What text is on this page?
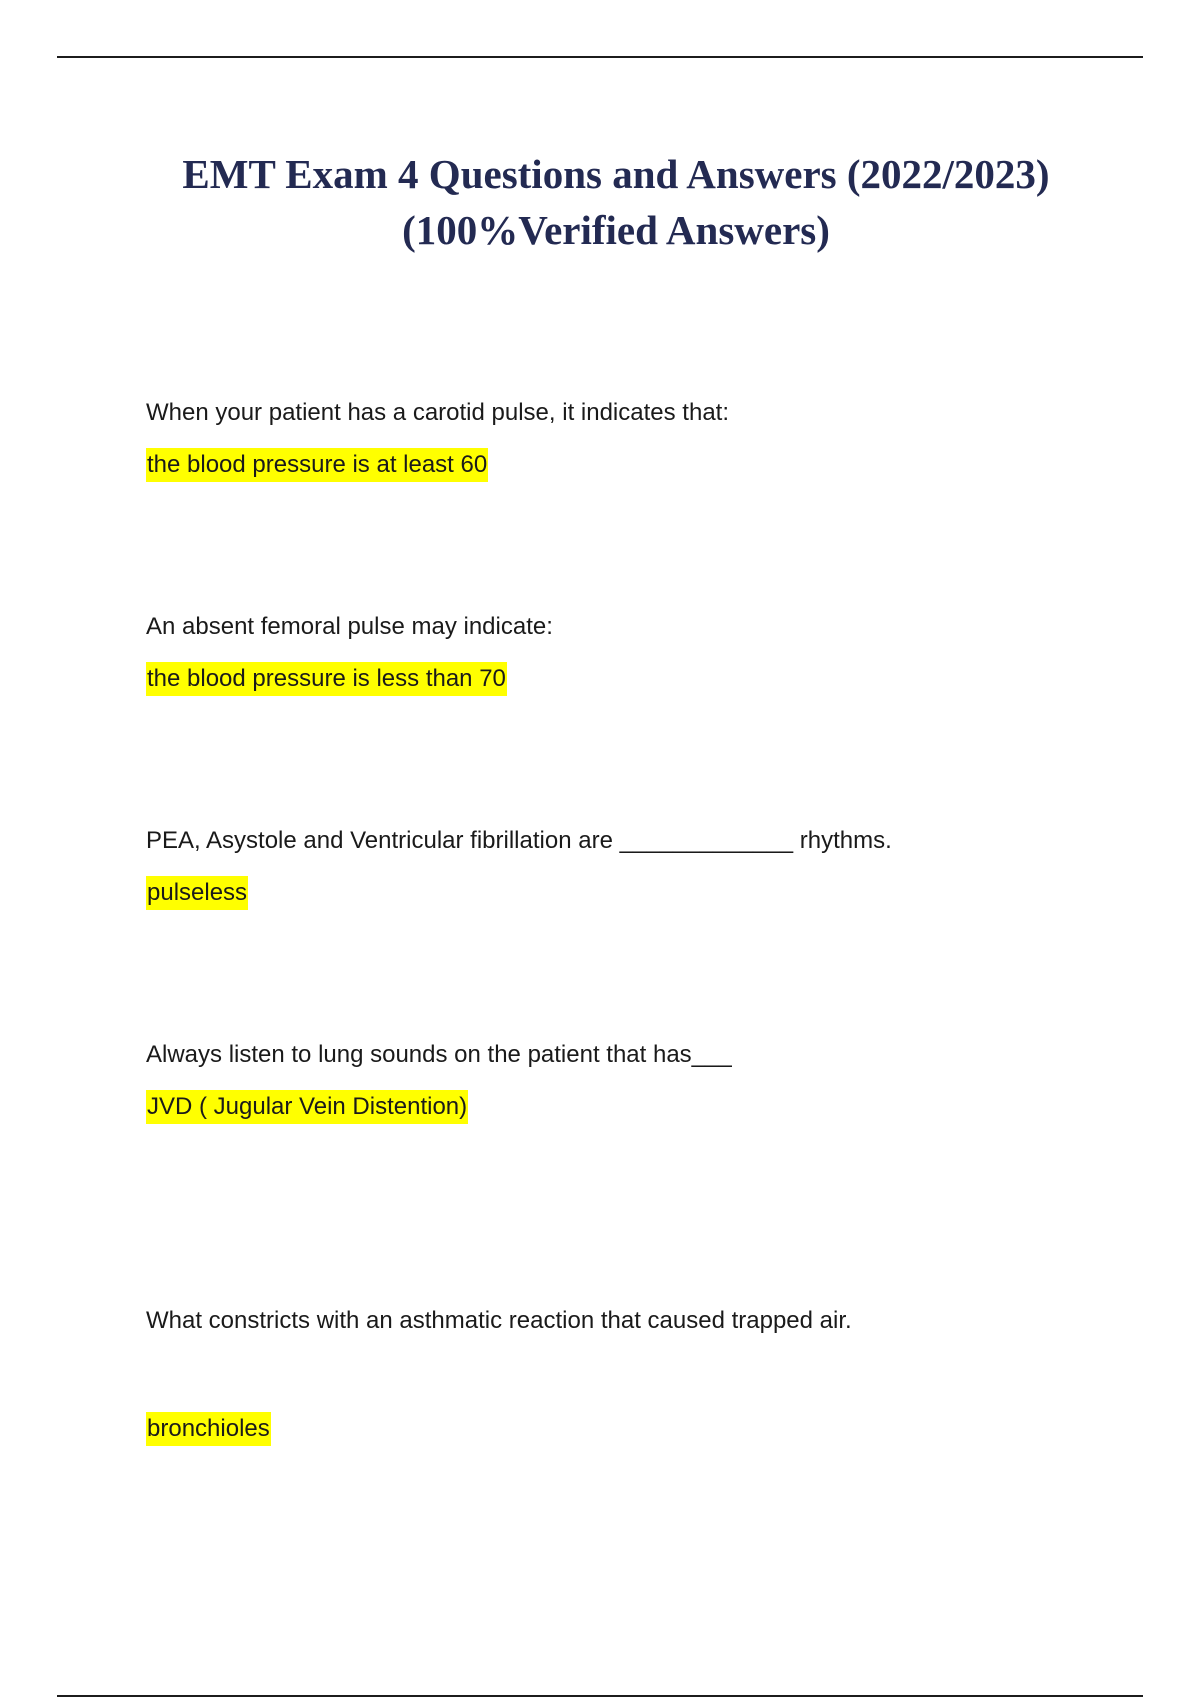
EMT Exam 4 Questions and Answers (2022/2023)
(100%Verified Answers)
When your patient has a carotid pulse, it indicates that:
the blood pressure is at least 60
An absent femoral pulse may indicate:
the blood pressure is less than 70
PEA, Asystole and Ventricular fibrillation are _____________ rhythms.
pulseless
Always listen to lung sounds on the patient that has___
JVD ( Jugular Vein Distention)
What constricts with an asthmatic reaction that caused trapped air.
bronchioles
